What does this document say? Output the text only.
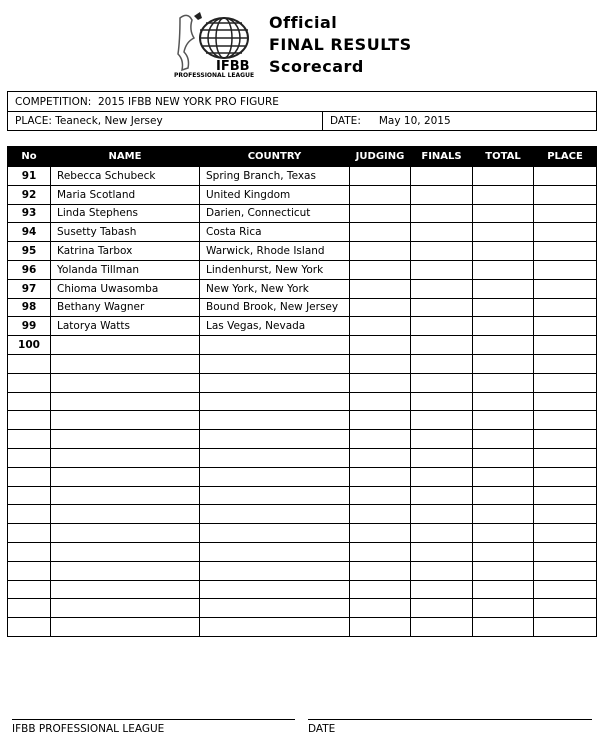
IFBB
PROFESSIONAL LEAGUE
Official
FINAL RESULTS
Scorecard
COMPETITION:
2015 IFBB NEW YORK PRO FIGURE
PLACE:
Teaneck, New Jersey	DATE: May 10, 2015
No	NAME	COUNTRY	JUDGING	FINALS	TOTAL	PLACE
91	Rebecca Schubeck	Spring Branch, Texas				
92	Maria Scotland	United Kingdom				
93	Linda Stephens	Darien, Connecticut				
94	Susetty Tabash	Costa Rica				
95	Katrina Tarbox	Warwick, Rhode Island				
96	Yolanda Tillman	Lindenhurst, New York				
97	Chioma Uwasomba	New York, New York				
98	Bethany Wagner	Bound Brook, New Jersey				
99	Latorya Watts	Las Vegas, Nevada				
100						

IFBB PROFESSIONAL LEAGUE	DATE
